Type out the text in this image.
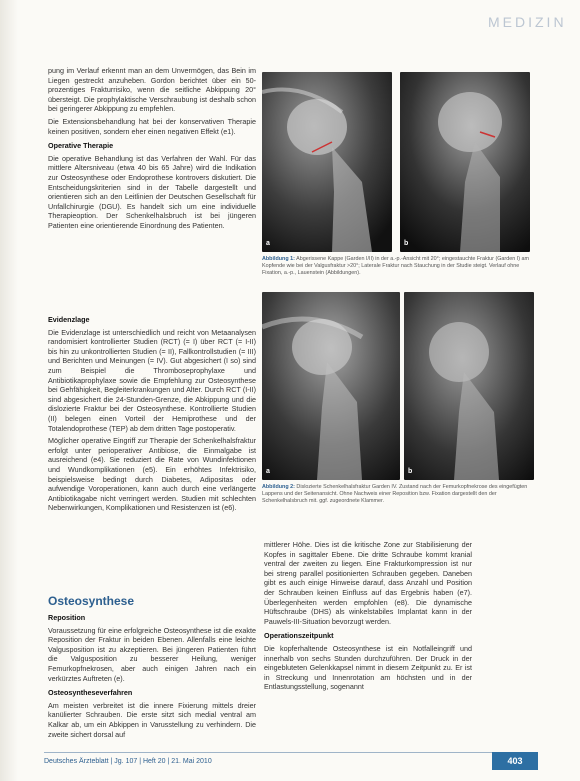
MEDIZIN

pung im Verlauf erkennt man an dem Unvermögen, das Bein im Liegen gestreckt anzuheben. Gordon berichtet über ein 50-prozentiges Frakturrisiko, wenn die seitliche Abkippung 20° übersteigt. Die prophylaktische Verschraubung ist deshalb schon bei geringerer Abkippung zu empfehlen.

Die Extensionsbehandlung hat bei der konservativen Therapie keinen positiven, sondern eher einen negativen Effekt (e1).

Operative Therapie

Die operative Behandlung ist das Verfahren der Wahl. Für das mittlere Altersniveau (etwa 40 bis 65 Jahre) wird die Indikation zur Osteosynthese oder Endoprothese kontrovers diskutiert. Die Entscheidungskriterien sind in der Tabelle dargestellt und orientieren sich an den Leitlinien der Deutschen Gesellschaft für Unfallchirurgie (DGU). Es handelt sich um eine individuelle Therapieoption. Der Schenkelhalsbruch ist bei jüngeren Patienten eine orientierende Einordnung des Patienten.

Evidenzlage

Die Evidenzlage ist unterschiedlich und reicht von Metaanalysen randomisiert kontrollierter Studien (RCT) (= I) über RCT (= I-II) bis hin zu unkontrollierten Studien (= II), Fallkontrollstudien (= III) und Berichten und Meinungen (= IV). Gut abgesichert (I so) sind zum Beispiel die Thromboseprophylaxe und Antibiotikaprophylaxe sowie die Empfehlung zur Osteosynthese bei Gehfähigkeit, Begleiterkrankungen und Alter. Durch RCT (I-II) sind abgesichert die 24-Stunden-Grenze, die Abkippung und die dislozierte Fraktur bei der Osteosynthese. Kontrollierte Studien (II) belegen einen Vorteil der Hemiprothese und der Totalendoprothese (TEP) ab dem dritten Tage postoperativ.

Möglicher operative Eingriff zur Therapie der Schenkelhalsfraktur erfolgt unter perioperativer Antibiose, die Einmalgabe ist ausreichend (e4). Sie reduziert die Rate von Wundinfektionen und Wundkomplikationen (e5). Ein erhöhtes Infektrisiko, beispielsweise bedingt durch Diabetes, Adipositas oder aufwendige Voroperationen, kann auch durch eine verlängerte Antibiotikagabe nicht verringert werden. Studien mit schlechten Nebenwirkungen, Komplikationen und Resistenzen ist (e6).

Osteosynthese

Reposition

Voraussetzung für eine erfolgreiche Osteosynthese ist die exakte Reposition der Fraktur in beiden Ebenen. Allenfalls eine leichte Valgusposition ist zu akzeptieren. Bei jüngeren Patienten führt die Valgusposition zu besserer Heilung, weniger Femurkopfnekrosen, aber auch einigen Jahren nach ein verkürztes Auftreten (e).

Osteosyntheseverfahren

Am meisten verbreitet ist die innere Fixierung mittels dreier kanülierter Schrauben. Die erste sitzt sich medial ventral am Kalkar ab, um ein Abkippen in Varusstellung zu verhindern. Die zweite sichert dorsal auf

mittlerer Höhe. Dies ist die kritische Zone zur Stabilisierung der Kopfes in sagittaler Ebene. Die dritte Schraube kommt kranial ventral der zweiten zu liegen. Eine Frakturkompression ist nur bei streng parallel positionierten Schrauben gegeben. Daneben gibt es auch einige Hinweise darauf, dass Anzahl und Position der Schrauben keinen Einfluss auf das Ergebnis haben (e7). Überlegenheiten werden empfohlen (e8). Die dynamische Hüftschraube (DHS) als winkelstabiles Implantat kann in der Pauwels-III-Situation bevorzugt werden.

Operationszeitpunkt

Die kopferhaltende Osteosynthese ist ein Notfalleingriff und innerhalb von sechs Stunden durchzuführen. Der Druck in der eingeblutеten Gelenkkapsel nimmt in diesem Zeitpunkt zu. Er ist in Streckung und Innenrotation am höchsten und in der Entlastungsstellung, sogenannt

a	b
Abbildung 1: Abgerissene Kappe (Garden I/II) in der a.-p.-Ansicht mit 20°; eingestauchte Fraktur (Garden I) am Kopfende wie bei der Valgusfraktur >20°; Laterale Fraktur nach Stauchung in der Studie steigt. Verlauf ohne Fixation, a.-p., Lauenstein (Abbildungen).
a	b
Abbildung 2: Dislozierte Schenkelhalsfraktur Garden IV. Zustand nach der Femurkopfnekrose des eingefügten Lappens und der Seitenansicht. Ohne Nachweis einer Reposition bzw. Fixation dargestellt den der Schenkelhalsbruch mit. ggf. zugeordnete Klammer.
Deutsches Ärzteblatt | Jg. 107 | Heft 20 | 21. Mai 2010	403
